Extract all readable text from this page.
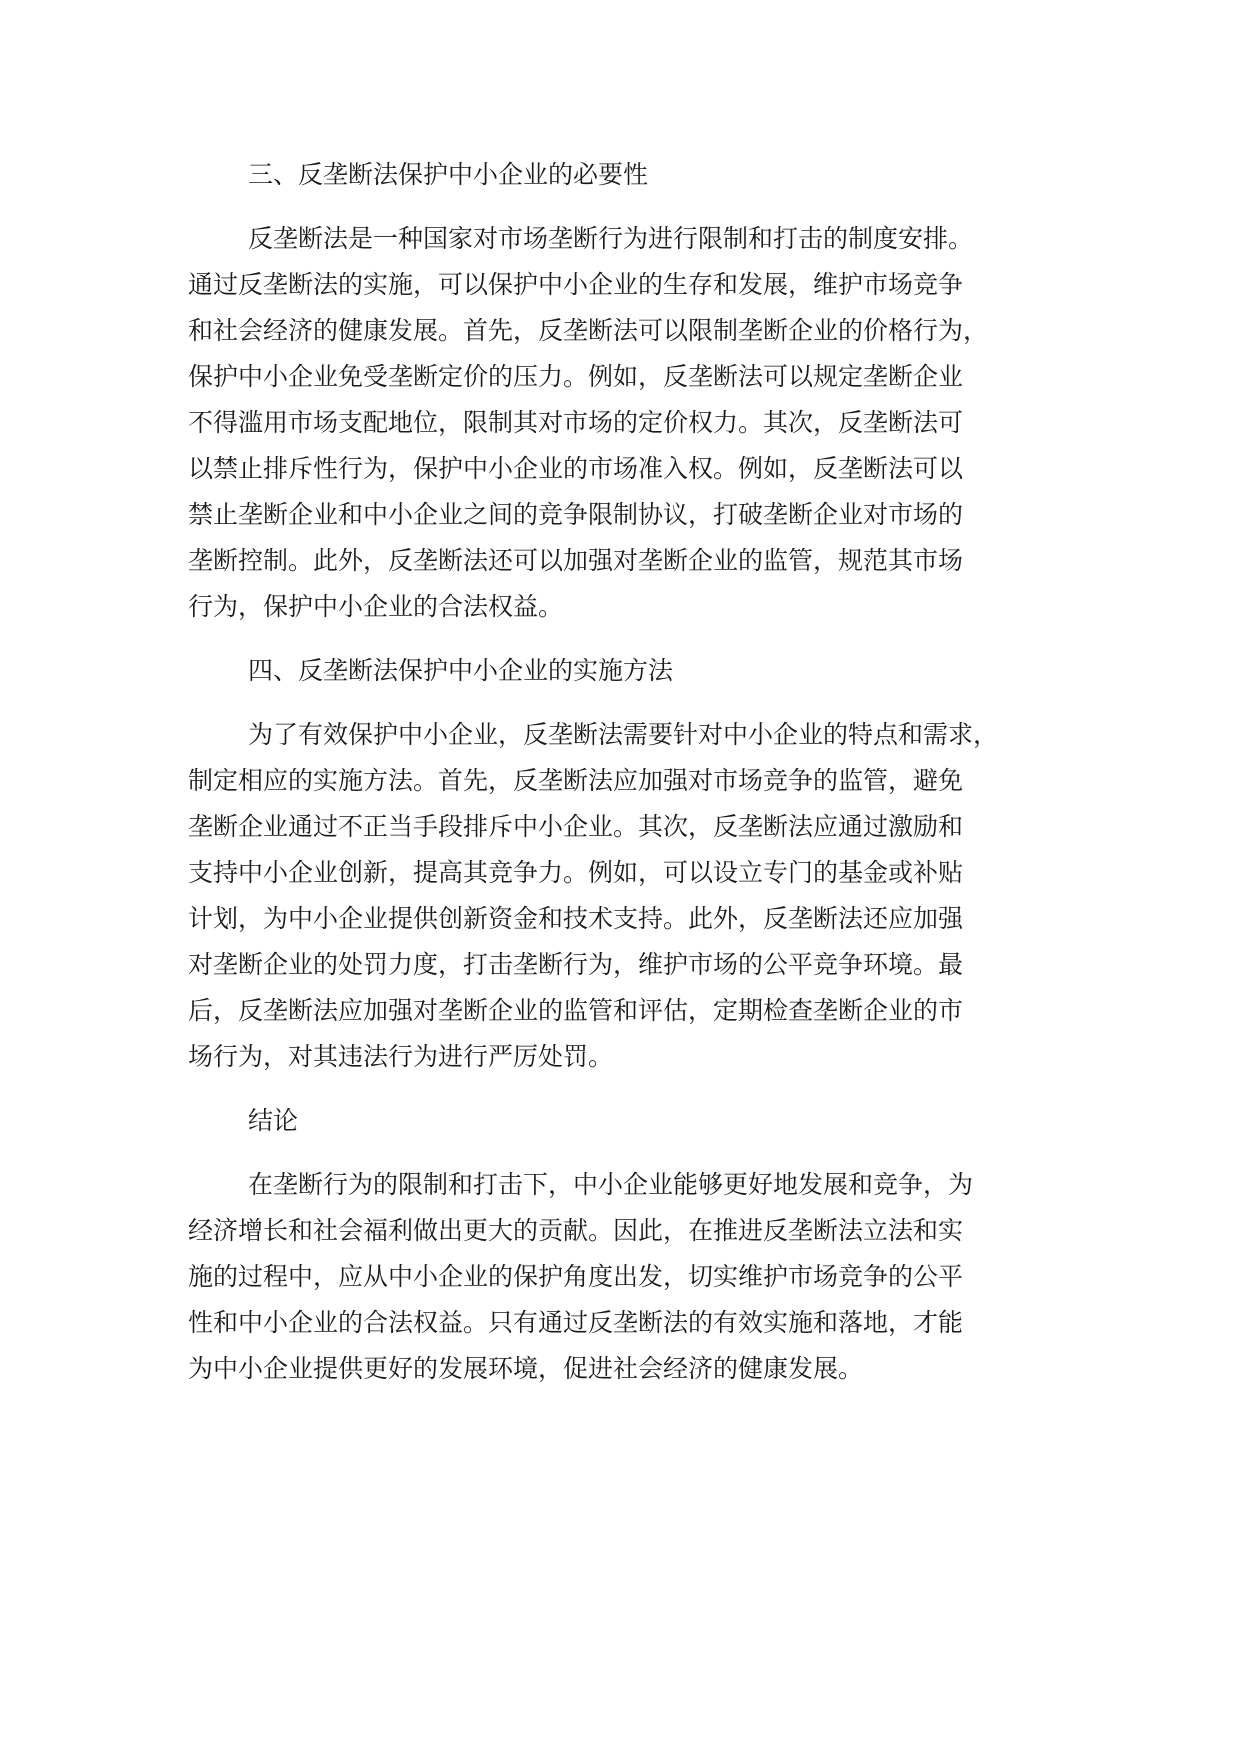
三、反垄断法保护中小企业的必要性

反垄断法是一种国家对市场垄断行为进行限制和打击的制度安排。
通过反垄断法的实施，可以保护中小企业的生存和发展，维护市场竞争
和社会经济的健康发展。首先，反垄断法可以限制垄断企业的价格行为，
保护中小企业免受垄断定价的压力。例如，反垄断法可以规定垄断企业
不得滥用市场支配地位，限制其对市场的定价权力。其次，反垄断法可
以禁止排斥性行为，保护中小企业的市场准入权。例如，反垄断法可以
禁止垄断企业和中小企业之间的竞争限制协议，打破垄断企业对市场的
垄断控制。此外，反垄断法还可以加强对垄断企业的监管，规范其市场
行为，保护中小企业的合法权益。

四、反垄断法保护中小企业的实施方法

为了有效保护中小企业，反垄断法需要针对中小企业的特点和需求，
制定相应的实施方法。首先，反垄断法应加强对市场竞争的监管，避免
垄断企业通过不正当手段排斥中小企业。其次，反垄断法应通过激励和
支持中小企业创新，提高其竞争力。例如，可以设立专门的基金或补贴
计划，为中小企业提供创新资金和技术支持。此外，反垄断法还应加强
对垄断企业的处罚力度，打击垄断行为，维护市场的公平竞争环境。最
后，反垄断法应加强对垄断企业的监管和评估，定期检查垄断企业的市
场行为，对其违法行为进行严厉处罚。

结论

在垄断行为的限制和打击下，中小企业能够更好地发展和竞争，为
经济增长和社会福利做出更大的贡献。因此，在推进反垄断法立法和实
施的过程中，应从中小企业的保护角度出发，切实维护市场竞争的公平
性和中小企业的合法权益。只有通过反垄断法的有效实施和落地，才能
为中小企业提供更好的发展环境，促进社会经济的健康发展。
